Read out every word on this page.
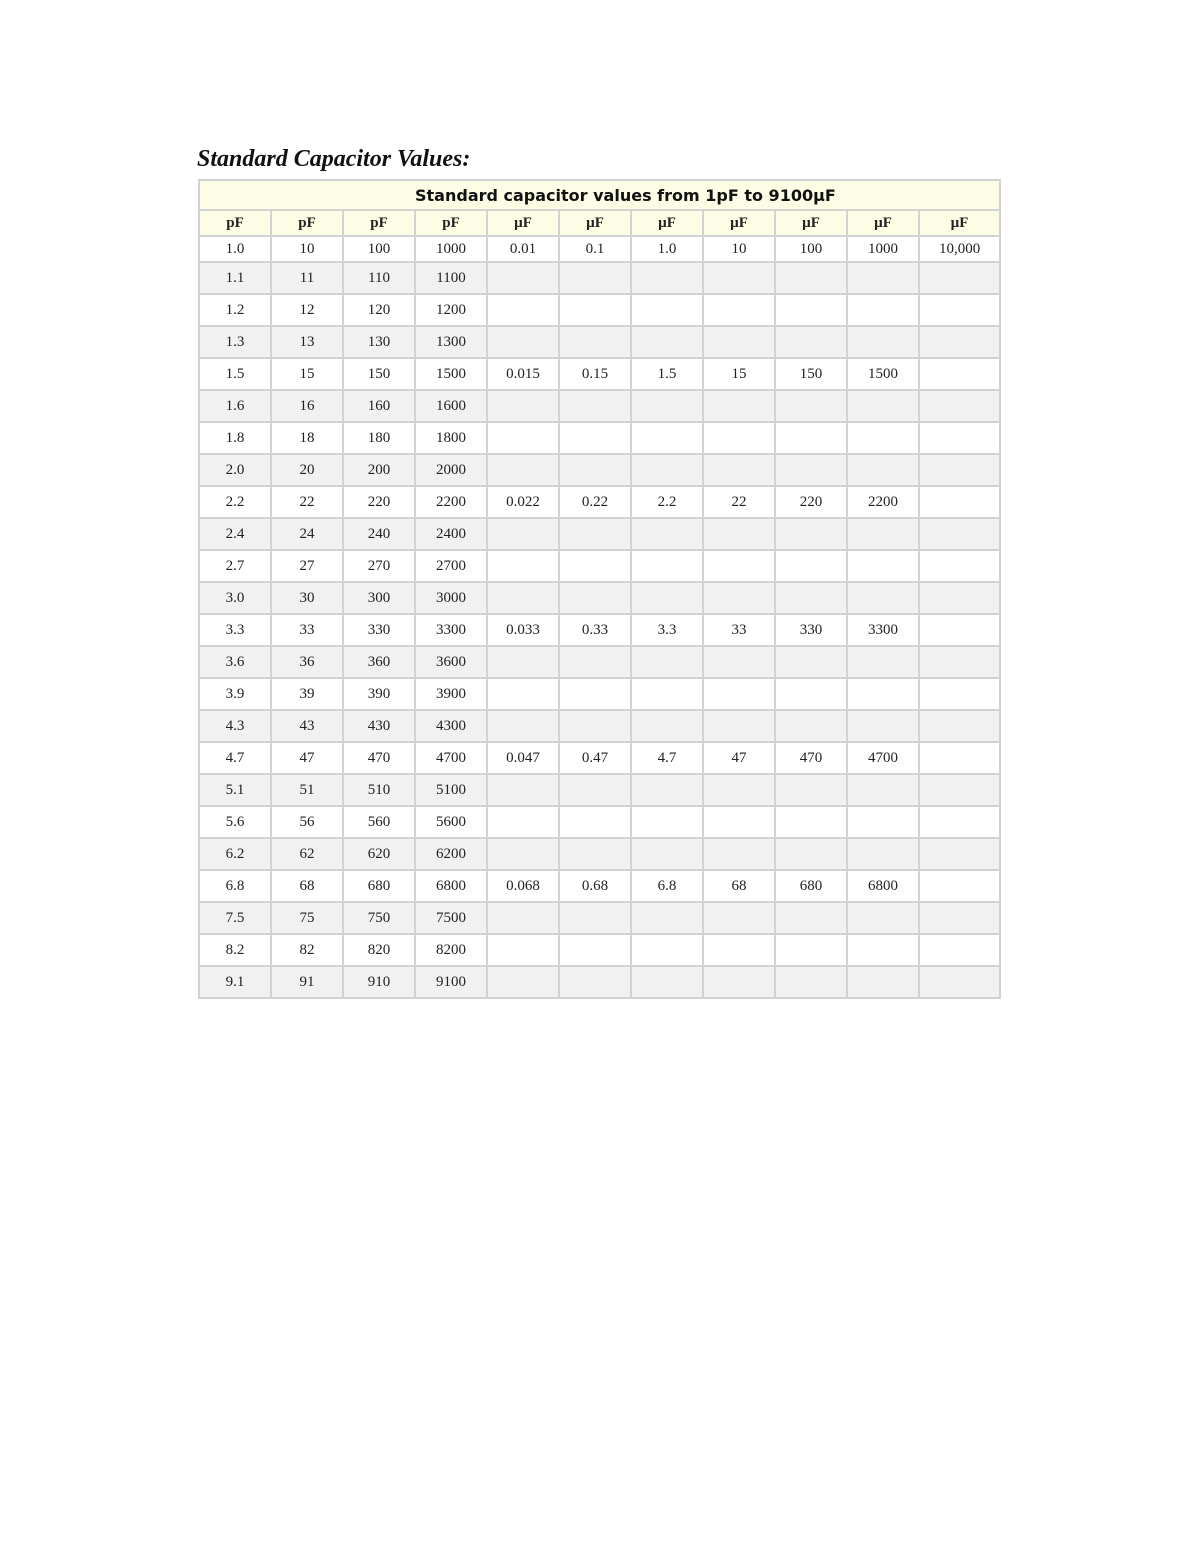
Standard Capacitor Values:
Standard capacitor values from 1pF to 9100µF										
pF	pF	pF	pF	µF	µF	µF	µF	µF	µF	µF
1.0	10	100	1000	0.01	0.1	1.0	10	100	1000	10,000
1.1	11	110	1100							
1.2	12	120	1200							
1.3	13	130	1300							
1.5	15	150	1500	0.015	0.15	1.5	15	150	1500	
1.6	16	160	1600							
1.8	18	180	1800							
2.0	20	200	2000							
2.2	22	220	2200	0.022	0.22	2.2	22	220	2200	
2.4	24	240	2400							
2.7	27	270	2700							
3.0	30	300	3000							
3.3	33	330	3300	0.033	0.33	3.3	33	330	3300	
3.6	36	360	3600							
3.9	39	390	3900							
4.3	43	430	4300							
4.7	47	470	4700	0.047	0.47	4.7	47	470	4700	
5.1	51	510	5100							
5.6	56	560	5600							
6.2	62	620	6200							
6.8	68	680	6800	0.068	0.68	6.8	68	680	6800	
7.5	75	750	7500							
8.2	82	820	8200							
9.1	91	910	9100							
